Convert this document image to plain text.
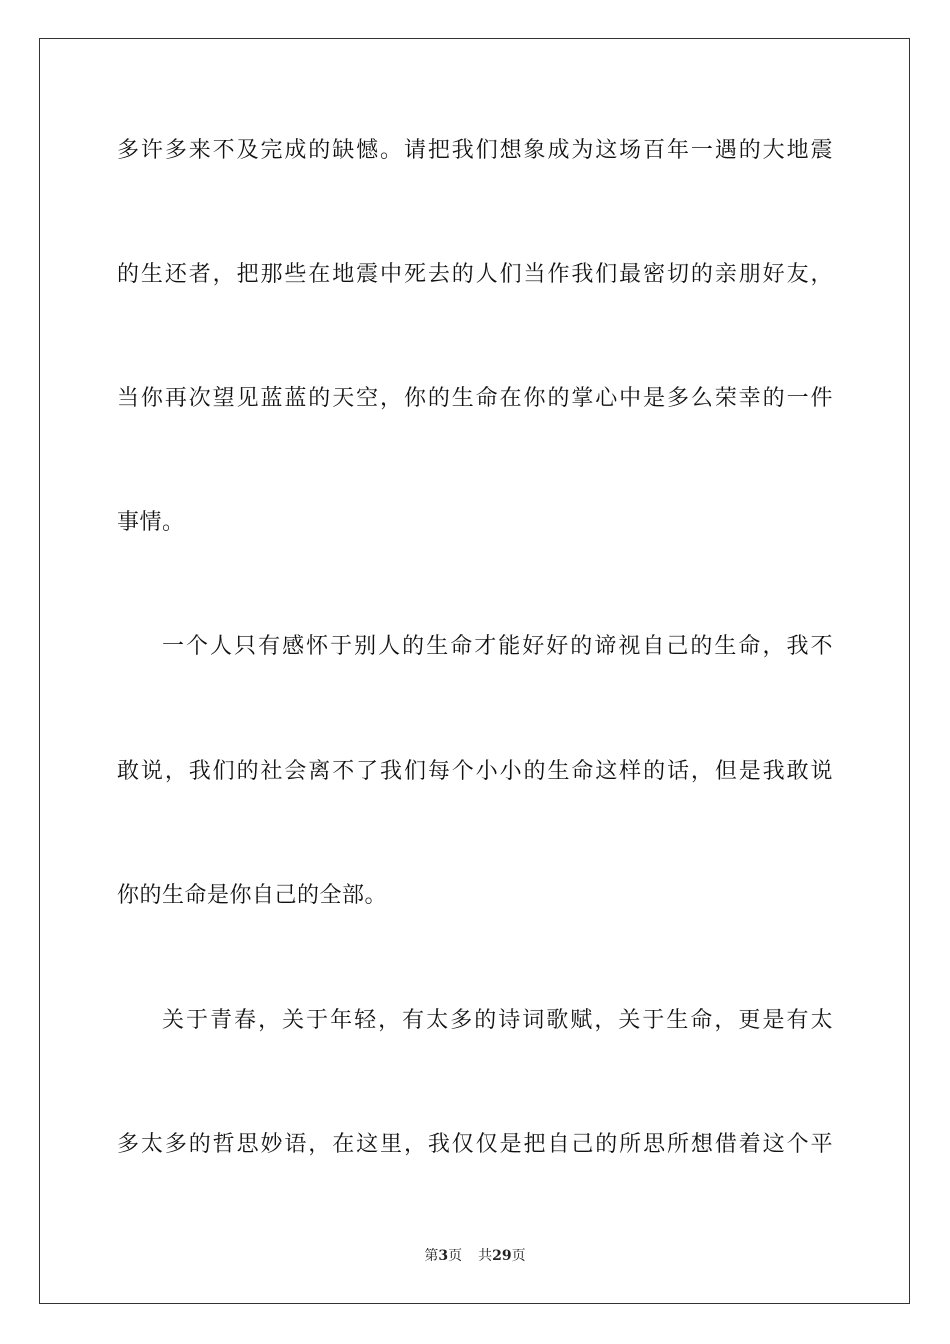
多许多来不及完成的缺憾。请把我们想象成为这场百年一遇的大地震
的生还者，把那些在地震中死去的人们当作我们最密切的亲朋好友，
当你再次望见蓝蓝的天空，你的生命在你的掌心中是多么荣幸的一件
事情。
一个人只有感怀于别人的生命才能好好的谛视自己的生命，我不
敢说，我们的社会离不了我们每个小小的生命这样的话，但是我敢说
你的生命是你自己的全部。
关于青春，关于年轻，有太多的诗词歌赋，关于生命，更是有太
多太多的哲思妙语，在这里，我仅仅是把自己的所思所想借着这个平
第3页 共29页
